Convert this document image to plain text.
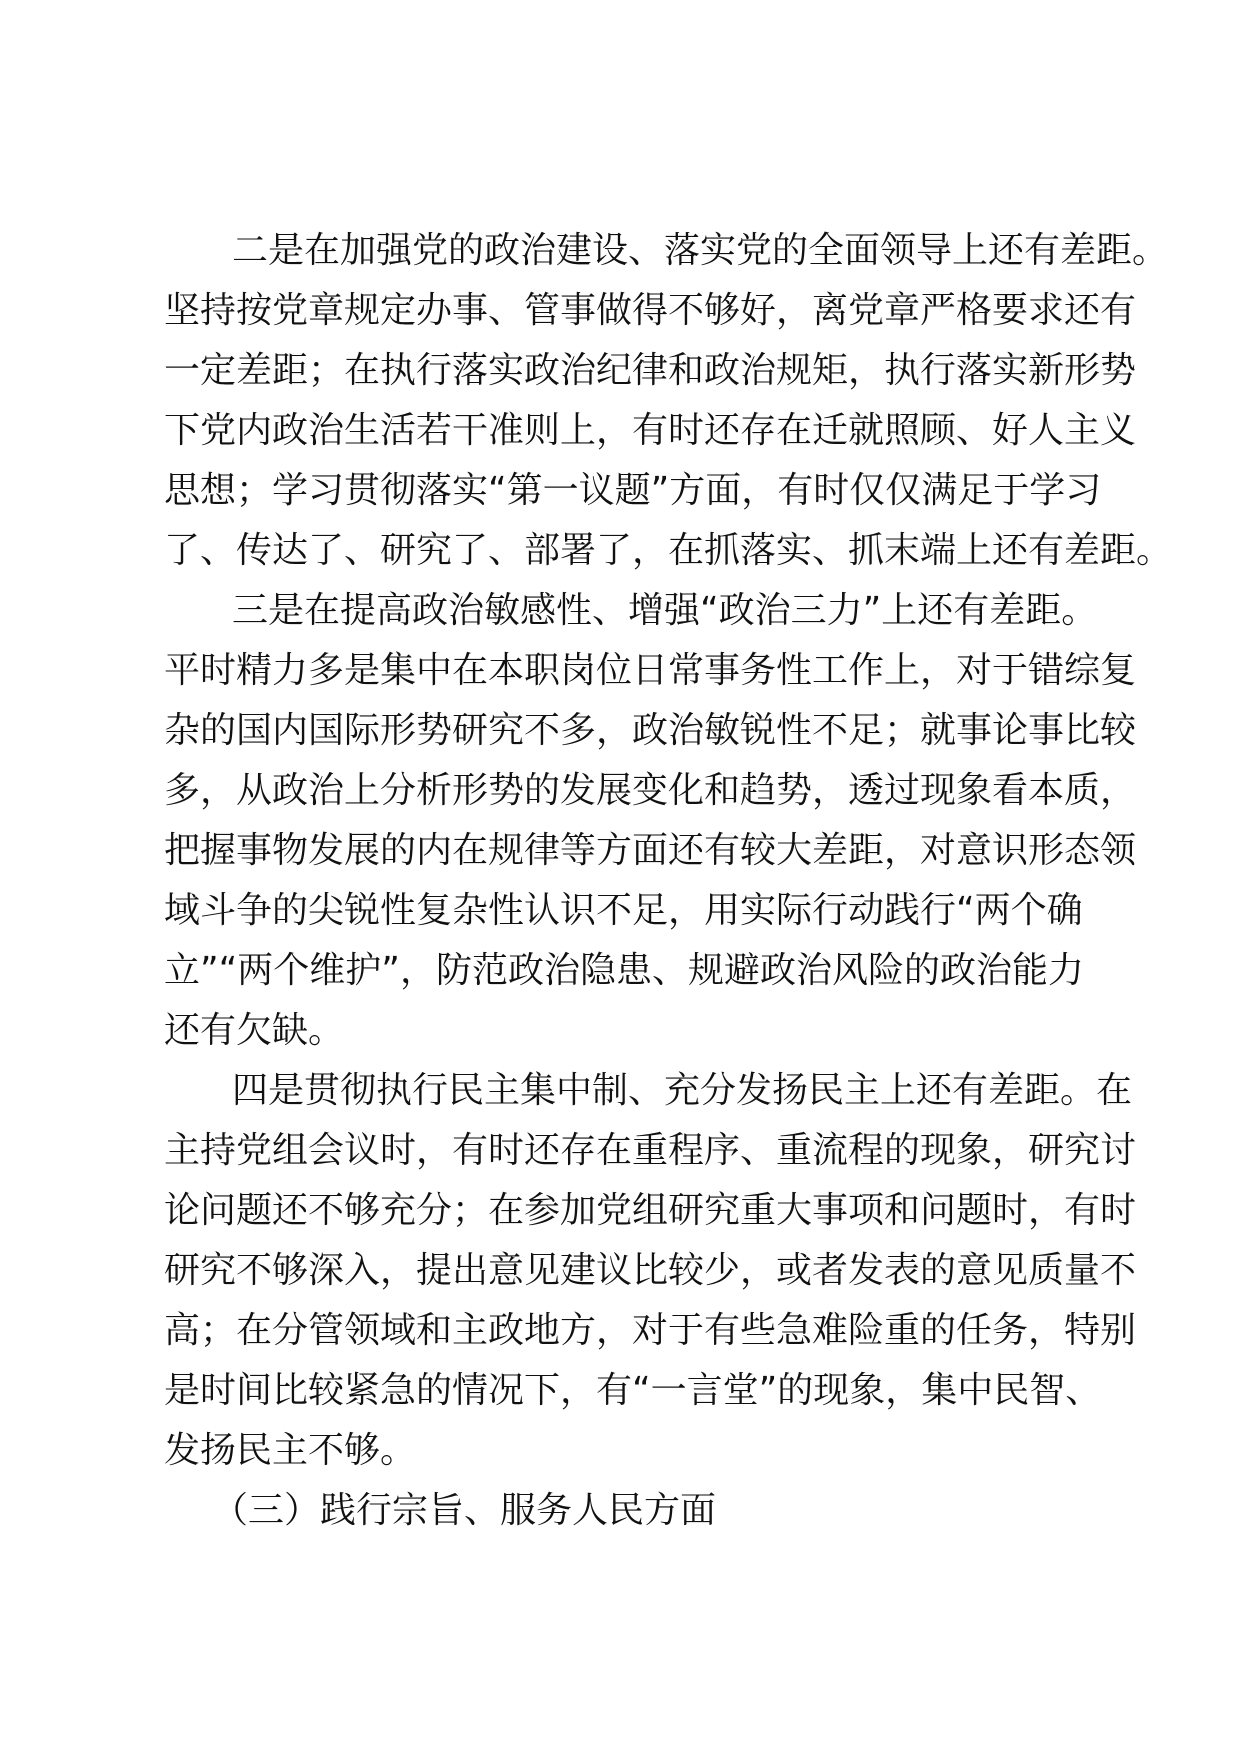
二是在加强党的政治建设、落实党的全面领导上还有差距。
坚持按党章规定办事、管事做得不够好，离党章严格要求还有
一定差距；在执行落实政治纪律和政治规矩，执行落实新形势
下党内政治生活若干准则上，有时还存在迁就照顾、好人主义
思想；学习贯彻落实“第一议题”方面，有时仅仅满足于学习
了、传达了、研究了、部署了，在抓落实、抓末端上还有差距。
三是在提高政治敏感性、增强“政治三力”上还有差距。
平时精力多是集中在本职岗位日常事务性工作上，对于错综复
杂的国内国际形势研究不多，政治敏锐性不足；就事论事比较
多，从政治上分析形势的发展变化和趋势，透过现象看本质，
把握事物发展的内在规律等方面还有较大差距，对意识形态领
域斗争的尖锐性复杂性认识不足，用实际行动践行“两个确
立”“两个维护”，防范政治隐患、规避政治风险的政治能力
还有欠缺。
四是贯彻执行民主集中制、充分发扬民主上还有差距。在
主持党组会议时，有时还存在重程序、重流程的现象，研究讨
论问题还不够充分；在参加党组研究重大事项和问题时，有时
研究不够深入，提出意见建议比较少，或者发表的意见质量不
高；在分管领域和主政地方，对于有些急难险重的任务，特别
是时间比较紧急的情况下，有“一言堂”的现象，集中民智、
发扬民主不够。
（三）践行宗旨、服务人民方面
